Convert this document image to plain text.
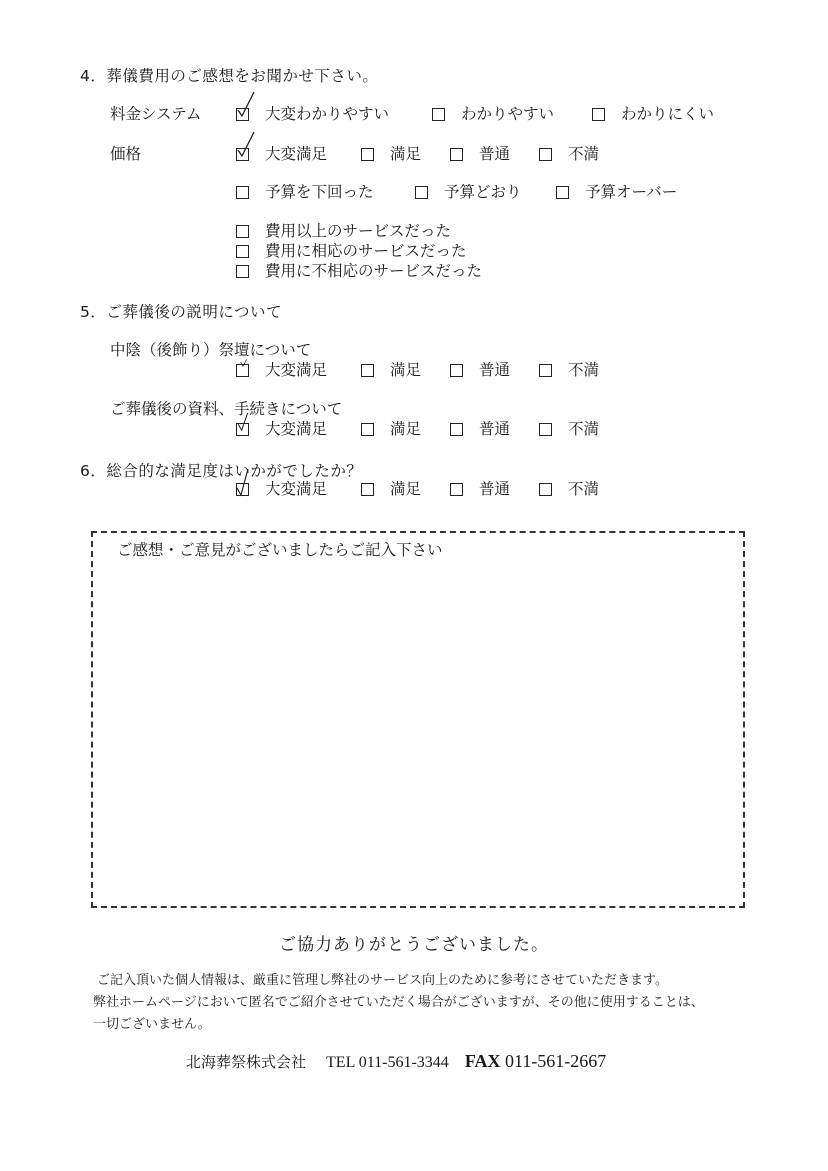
4．葬儀費用のご感想をお聞かせ下さい。
料金システム	大変わかりやすい	わかりやすい	わかりにくい
価格	大変満足	満足	普通	不満
予算を下回った	予算どおり	予算オーバー
費用以上のサービスだった
費用に相応のサービスだった
費用に不相応のサービスだった
5．ご葬儀後の説明について
中陰（後飾り）祭壇について
大変満足	満足	普通	不満
ご葬儀後の資料、手続きについて
大変満足	満足	普通	不満
6．総合的な満足度はいかがでしたか？
大変満足	満足	普通	不満
ご感想・ご意見がございましたらご記入下さい
ご協力ありがとうございました。
ご記入頂いた個人情報は、厳重に管理し弊社のサービス向上のために参考にさせていただきます。
弊社ホームページにおいて匿名でご紹介させていただく場合がございますが、その他に使用することは、
一切ございません。
北海葬祭株式会社 TEL 011-561-3344 FAX 011-561-2667
